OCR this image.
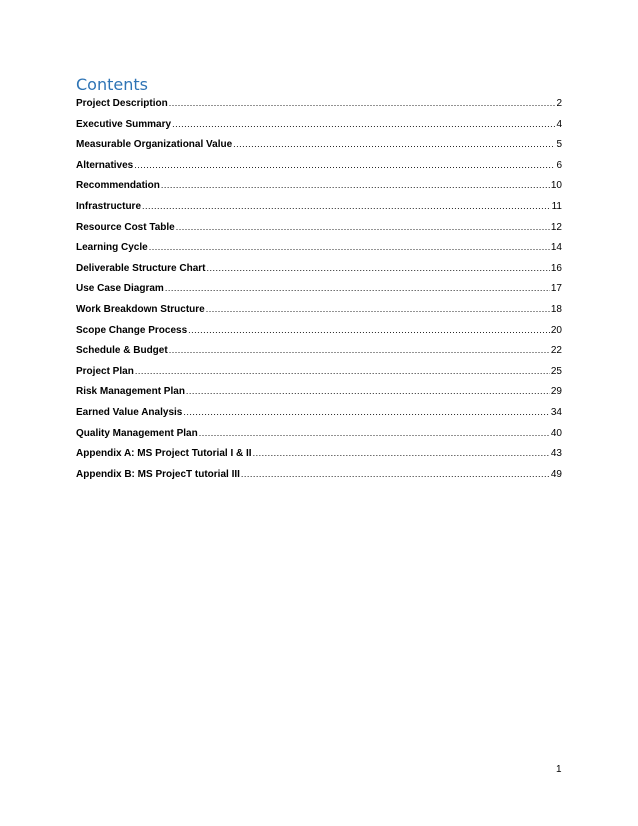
Contents
Project Description .....	2
Executive Summary .....	4
Measurable Organizational Value .....	5
Alternatives .....	6
Recommendation .....	10
Infrastructure .....	11
Resource Cost Table .....	12
Learning Cycle .....	14
Deliverable Structure Chart .....	16
Use Case Diagram .....	17
Work Breakdown Structure .....	18
Scope Change Process .....	20
Schedule & Budget .....	22
Project Plan .....	25
Risk Management Plan .....	29
Earned Value Analysis .....	34
Quality Management Plan .....	40
Appendix A: MS Project Tutorial I & II .....	43
Appendix B: MS ProjecT tutorial III .....	49
1
